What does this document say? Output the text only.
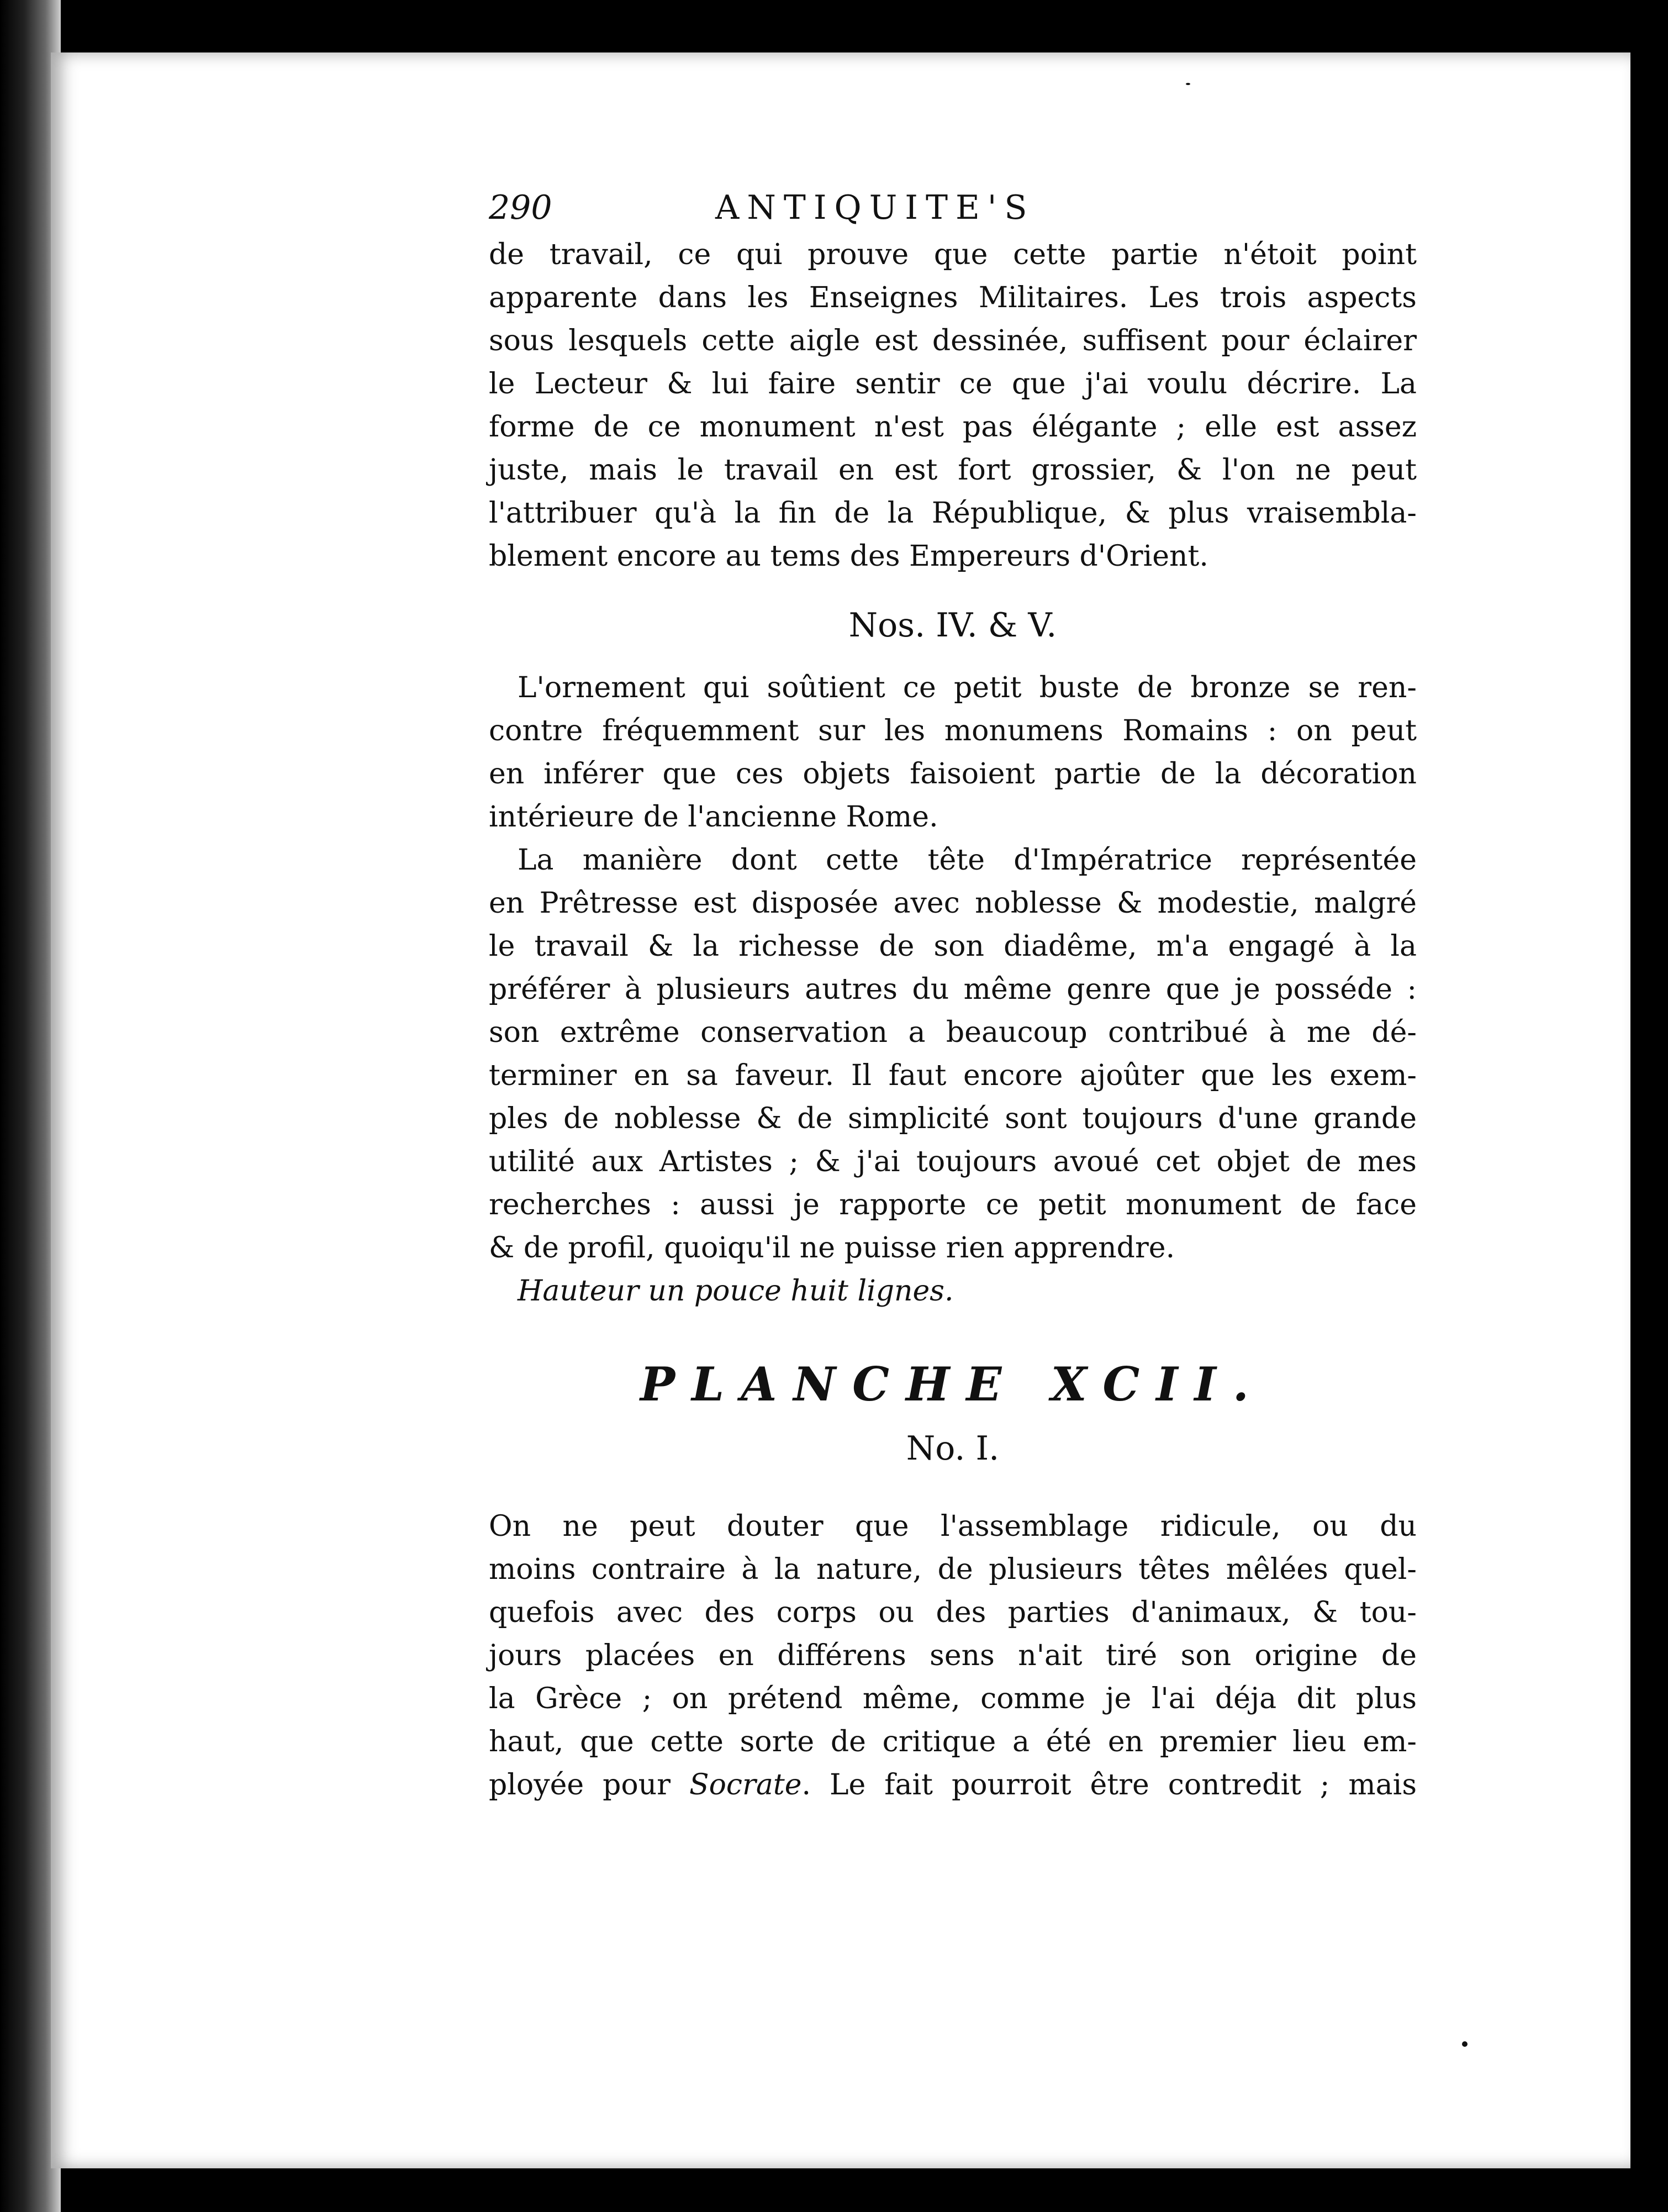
290	ANTIQUITE'S
de travail, ce qui prouve que cette partie n'étoit point
apparente dans les Enseignes Militaires. Les trois aspects
sous lesquels cette aigle est dessinée, suffisent pour éclairer
le Lecteur & lui faire sentir ce que j'ai voulu décrire. La
forme de ce monument n'est pas élégante ; elle est assez
juste, mais le travail en est fort grossier, & l'on ne peut
l'attribuer qu'à la fin de la République, & plus vraisembla-
blement encore au tems des Empereurs d'Orient.
Nos. IV. & V.
L'ornement qui soûtient ce petit buste de bronze se ren-
contre fréquemment sur les monumens Romains : on peut
en inférer que ces objets faisoient partie de la décoration
intérieure de l'ancienne Rome.
La manière dont cette tête d'Impératrice représentée
en Prêtresse est disposée avec noblesse & modestie, malgré
le travail & la richesse de son diadême, m'a engagé à la
préférer à plusieurs autres du même genre que je posséde :
son extrême conservation a beaucoup contribué à me dé-
terminer en sa faveur. Il faut encore ajoûter que les exem-
ples de noblesse & de simplicité sont toujours d'une grande
utilité aux Artistes ; & j'ai toujours avoué cet objet de mes
recherches : aussi je rapporte ce petit monument de face
& de profil, quoiqu'il ne puisse rien apprendre.
Hauteur un pouce huit lignes.
PLANCHE XCII.
No. I.
On ne peut douter que l'assemblage ridicule, ou du
moins contraire à la nature, de plusieurs têtes mêlées quel-
quefois avec des corps ou des parties d'animaux, & tou-
jours placées en différens sens n'ait tiré son origine de
la Grèce ; on prétend même, comme je l'ai déja dit plus
haut, que cette sorte de critique a été en premier lieu em-
ployée pour Socrate. Le fait pourroit être contredit ; mais
